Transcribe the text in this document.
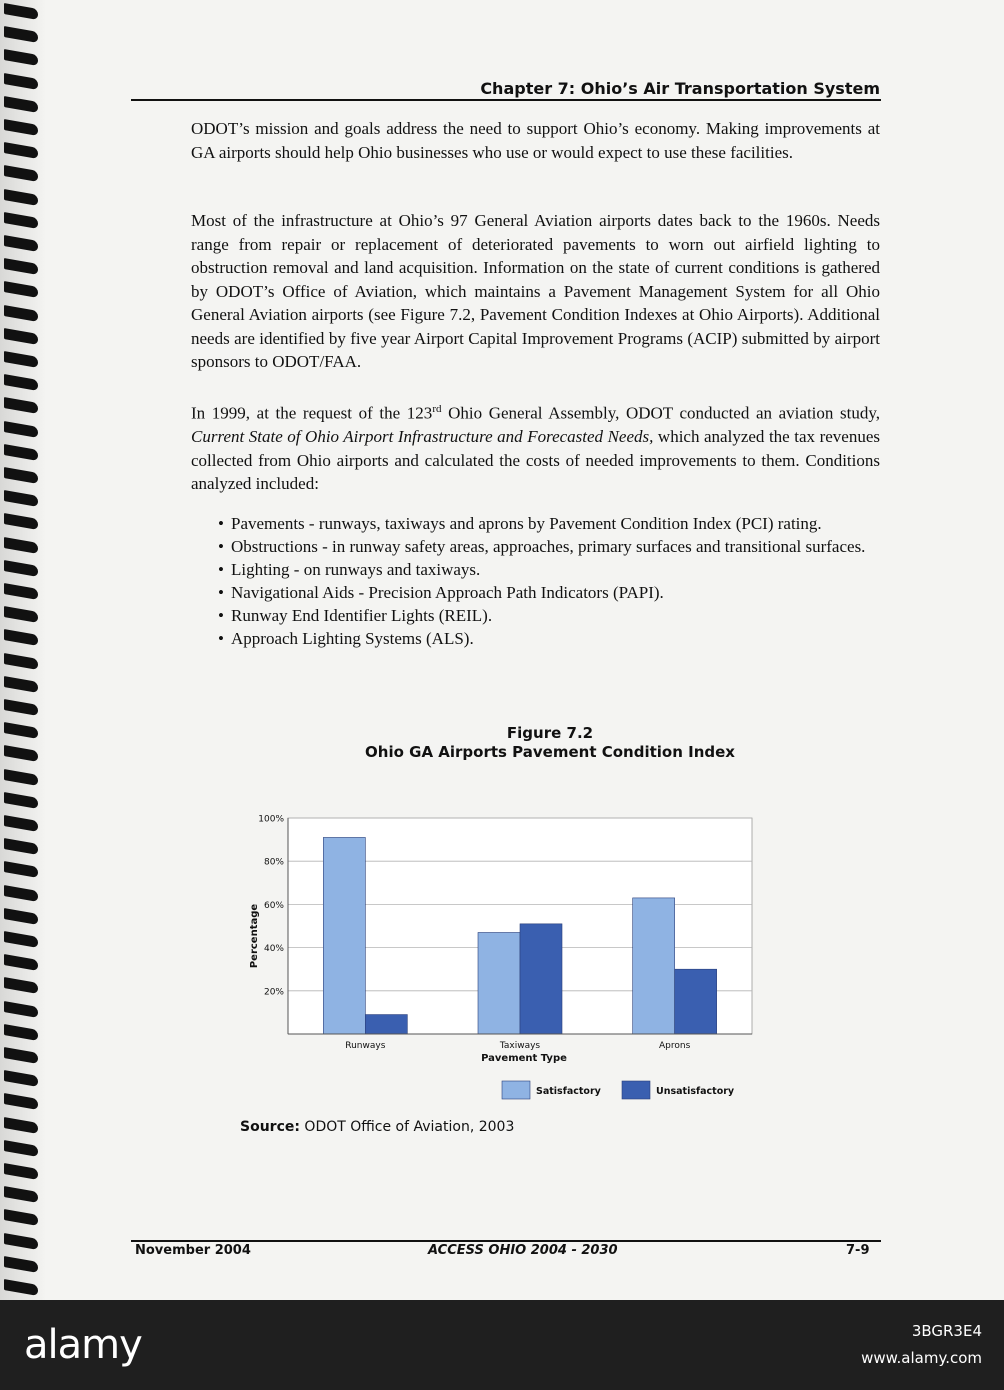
Chapter 7: Ohio’s Air Transportation System

ODOT’s mission and goals address the need to support Ohio’s economy. Making improvements at GA airports should help Ohio businesses who use or would expect to use these facilities.

Most of the infrastructure at Ohio’s 97 General Aviation airports dates back to the 1960s. Needs range from repair or replacement of deteriorated pavements to worn out airfield lighting to obstruction removal and land acquisition. Information on the state of current conditions is gathered by ODOT’s Office of Aviation, which maintains a Pavement Management System for all Ohio General Aviation airports (see Figure 7.2, Pavement Condition Indexes at Ohio Airports). Additional needs are identified by five year Airport Capital Improvement Programs (ACIP) submitted by airport sponsors to ODOT/FAA.

In 1999, at the request of the 123rd Ohio General Assembly, ODOT conducted an aviation study, Current State of Ohio Airport Infrastructure and Forecasted Needs, which analyzed the tax revenues collected from Ohio airports and calculated the costs of needed improvements to them. Conditions analyzed included:

• Pavements - runways, taxiways and aprons by Pavement Condition Index (PCI) rating.
• Obstructions - in runway safety areas, approaches, primary surfaces and transitional surfaces.
• Lighting - on runways and taxiways.
• Navigational Aids - Precision Approach Path Indicators (PAPI).
• Runway End Identifier Lights (REIL).
• Approach Lighting Systems (ALS).
Figure 7.2
Ohio GA Airports Pavement Condition Index
20%
40%
60%
80%
100%
Runways	Taxiways	Aprons
Percentage
Pavement Type
Satisfactory	Unsatisfactory
Source: ODOT Office of Aviation, 2003
November 2004	ACCESS OHIO 2004 - 2030	7-9
alamy	3BGR3E4
www.alamy.com
